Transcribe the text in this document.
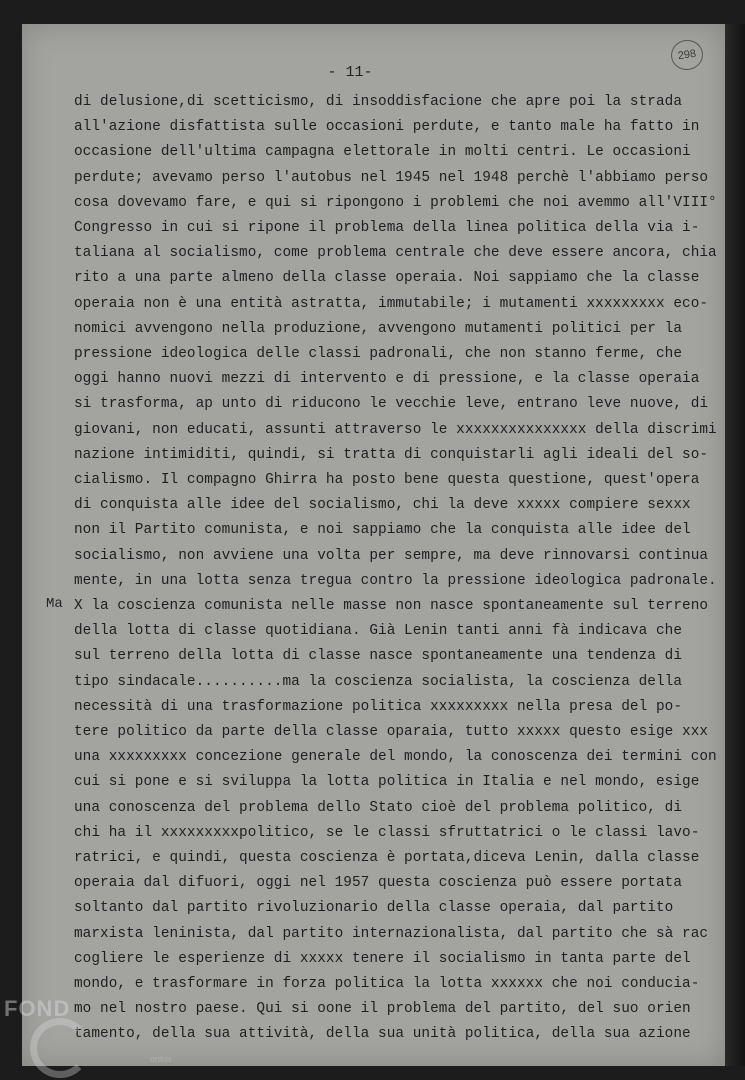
298
- 11-
Ma
di delusione,di scetticismo, di insoddisfacione che apre poi la strada
all'azione disfattista sulle occasioni perdute, e tanto male ha fatto in
occasione dell'ultima campagna elettorale in molti centri. Le occasioni
perdute; avevamo perso l'autobus nel 1945 nel 1948 perchè l'abbiamo perso
cosa dovevamo fare, e qui si ripongono i problemi che noi avemmo all'VIII°
Congresso in cui si ripone il problema della linea politica della via i-
taliana al socialismo, come problema centrale che deve essere ancora, chia
rito a una parte almeno della classe operaia. Noi sappiamo che la classe
operaia non è una entità astratta, immutabile; i mutamenti xxxxxxxxx eco-
nomici avvengono nella produzione, avvengono mutamenti politici per la
pressione ideologica delle classi padronali, che non stanno ferme, che
oggi hanno nuovi mezzi di intervento e di pressione, e la classe operaia
si trasforma, ap unto di riducono le vecchie leve, entrano leve nuove, di
giovani, non educati, assunti attraverso le xxxxxxxxxxxxxxx della discrimi
nazione intimiditi, quindi, si tratta di conquistarli agli ideali del so-
cialismo. Il compagno Ghirra ha posto bene questa questione, quest'opera
di conquista alle idee del socialismo, chi la deve xxxxx compiere sexxx
non il Partito comunista, e noi sappiamo che la conquista alle idee del
socialismo, non avviene una volta per sempre, ma deve rinnovarsi continua
mente, in una lotta senza tregua contro la pressione ideologica padronale.
X la coscienza comunista nelle masse non nasce spontaneamente sul terreno
della lotta di classe quotidiana. Già Lenin tanti anni fà indicava che
sul terreno della lotta di classe nasce spontaneamente una tendenza di
tipo sindacale..........ma la coscienza socialista, la coscienza della
necessità di una trasformazione politica xxxxxxxxx nella presa del po-
tere politico da parte della classe oparaia, tutto xxxxx questo esige xxx
una xxxxxxxxx concezione generale del mondo, la conoscenza dei termini con
cui si pone e si sviluppa la lotta politica in Italia e nel mondo, esige
una conoscenza del problema dello Stato cioè del problema politico, di
chi ha il xxxxxxxxxpolitico, se le classi sfruttatrici o le classi lavo-
ratrici, e quindi, questa coscienza è portata,diceva Lenin, dalla classe
operaia dal difuori, oggi nel 1957 questa coscienza può essere portata
soltanto dal partito rivoluzionario della classe operaia, dal partito
marxista leninista, dal partito internazionalista, dal partito che sà rac
cogliere le esperienze di xxxxx tenere il socialismo in tanta parte del
mondo, e trasformare in forza politica la lotta xxxxxx che noi conducia-
mo nel nostro paese. Qui si oone il problema del partito, del suo orien
tamento, della sua attività, della sua unità politica, della sua azione
FOND
onlus
